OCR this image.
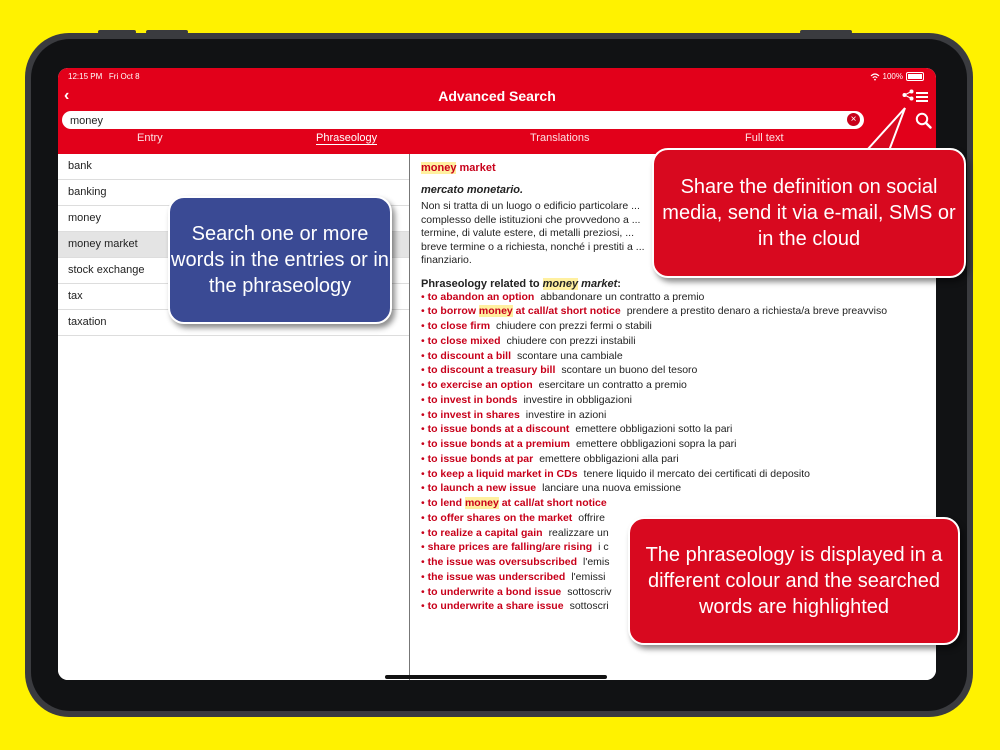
12:15 PM Fri Oct 8	100%
‹	Advanced Search
money
×
Entry	Phraseology	Translations	Full text
bank
banking
money
money market
stock exchange
tax
taxation
money market
mercato monetario.
Non si tratta di un luogo o edificio particolare ... complesso delle istituzioni che provvedono a ... termine, di valute estere, di metalli preziosi, ... breve termine o a richiesta, nonché i prestiti a ... finanziario.
Phraseology related to money market:
• to abandon an option abbandonare un contratto a premio
• to borrow money at call/at short notice prendere a prestito denaro a richiesta/a breve preavviso
• to close firm chiudere con prezzi fermi o stabili
• to close mixed chiudere con prezzi instabili
• to discount a bill scontare una cambiale
• to discount a treasury bill scontare un buono del tesoro
• to exercise an option esercitare un contratto a premio
• to invest in bonds investire in obbligazioni
• to invest in shares investire in azioni
• to issue bonds at a discount emettere obbligazioni sotto la pari
• to issue bonds at a premium emettere obbligazioni sopra la pari
• to issue bonds at par emettere obbligazioni alla pari
• to keep a liquid market in CDs tenere liquido il mercato dei certificati di deposito
• to launch a new issue lanciare una nuova emissione
• to lend money at call/at short notice
• to offer shares on the market offrire
• to realize a capital gain realizzare un
• share prices are falling/are rising i c
• the issue was oversubscribed l'emis
• the issue was underscribed l'emissi
• to underwrite a bond issue sottoscriv
• to underwrite a share issue sottoscri
Search one or more words in the entries or in the phraseology
Share the definition on social media, send it via e-mail, SMS or in the cloud
The phraseology is displayed in a different colour and the searched words are highlighted
